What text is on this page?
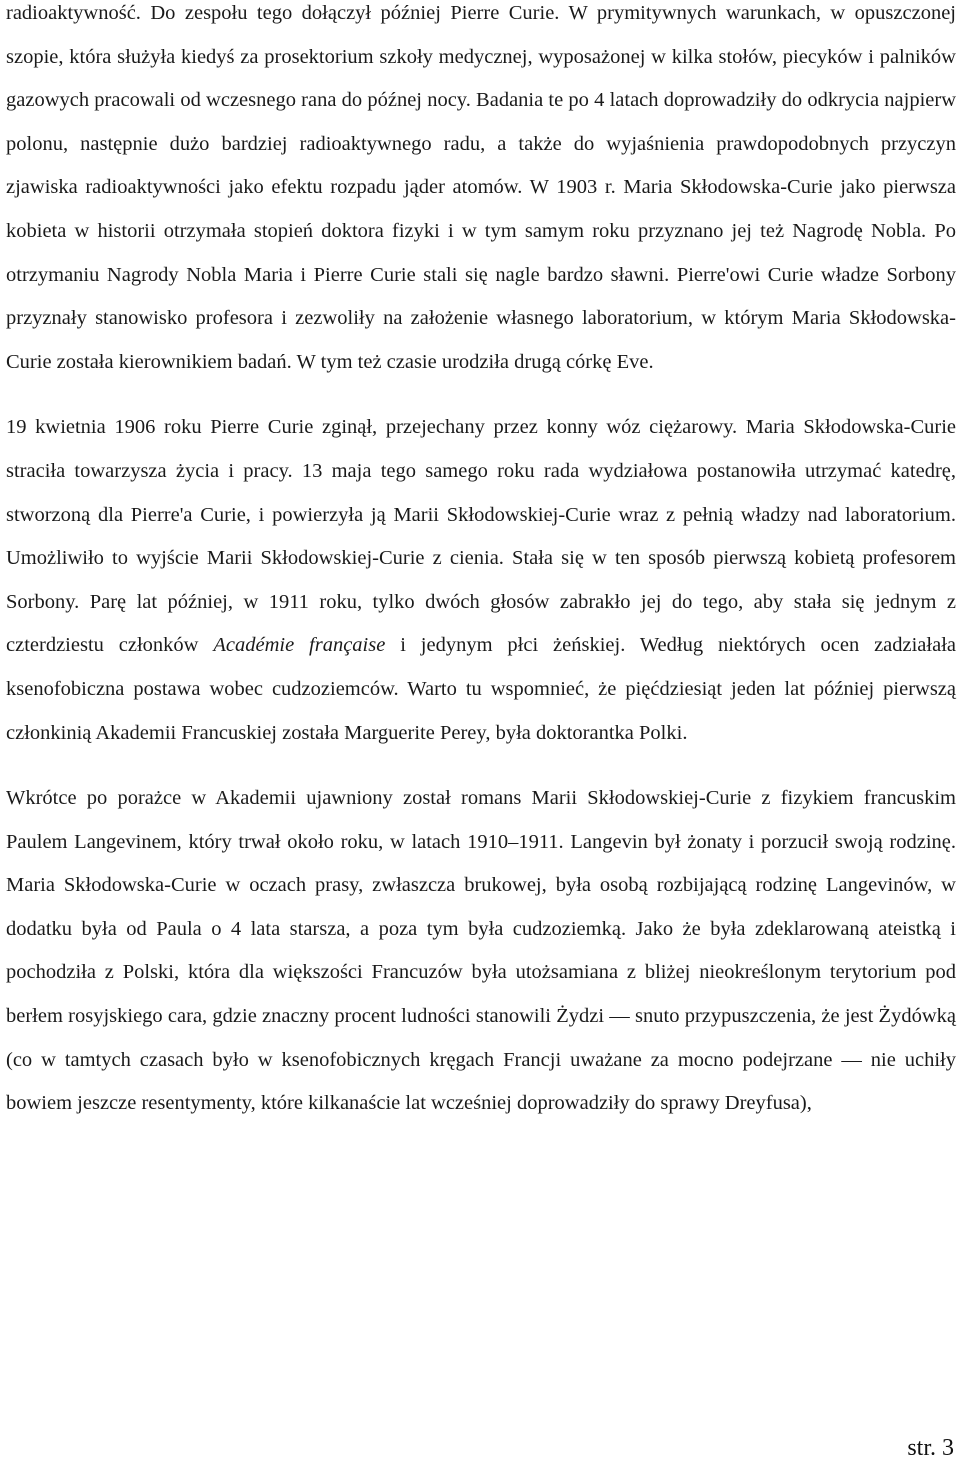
radioaktywność. Do zespołu tego dołączył później Pierre Curie. W prymitywnych warunkach, w opuszczonej szopie, która służyła kiedyś za prosektorium szkoły medycznej, wyposażonej w kilka stołów, piecyków i palników gazowych pracowali od wczesnego rana do późnej nocy. Badania te po 4 latach doprowadziły do odkrycia najpierw polonu, następnie dużo bardziej radioaktywnego radu, a także do wyjaśnienia prawdopodobnych przyczyn zjawiska radioaktywności jako efektu rozpadu jąder atomów. W 1903 r. Maria Skłodowska-Curie jako pierwsza kobieta w historii otrzymała stopień doktora fizyki i w tym samym roku przyznano jej też Nagrodę Nobla. Po otrzymaniu Nagrody Nobla Maria i Pierre Curie stali się nagle bardzo sławni. Pierre'owi Curie władze Sorbony przyznały stanowisko profesora i zezwoliły na założenie własnego laboratorium, w którym Maria Skłodowska-Curie została kierownikiem badań. W tym też czasie urodziła drugą córkę Eve.

19 kwietnia 1906 roku Pierre Curie zginął, przejechany przez konny wóz ciężarowy. Maria Skłodowska-Curie straciła towarzysza życia i pracy. 13 maja tego samego roku rada wydziałowa postanowiła utrzymać katedrę, stworzoną dla Pierre'a Curie, i powierzyła ją Marii Skłodowskiej-Curie wraz z pełnią władzy nad laboratorium. Umożliwiło to wyjście Marii Skłodowskiej-Curie z cienia. Stała się w ten sposób pierwszą kobietą profesorem Sorbony. Parę lat później, w 1911 roku, tylko dwóch głosów zabrakło jej do tego, aby stała się jednym z czterdziestu członków Académie française i jedynym płci żeńskiej. Według niektórych ocen zadziałała ksenofobiczna postawa wobec cudzoziemców. Warto tu wspomnieć, że pięćdziesiąt jeden lat później pierwszą członkinią Akademii Francuskiej została Marguerite Perey, była doktorantka Polki.

Wkrótce po porażce w Akademii ujawniony został romans Marii Skłodowskiej-Curie z fizykiem francuskim Paulem Langevinem, który trwał około roku, w latach 1910–1911. Langevin był żonaty i porzucił swoją rodzinę. Maria Skłodowska-Curie w oczach prasy, zwłaszcza brukowej, była osobą rozbijającą rodzinę Langevinów, w dodatku była od Paula o 4 lata starsza, a poza tym była cudzoziemką. Jako że była zdeklarowaną ateistką i pochodziła z Polski, która dla większości Francuzów była utożsamiana z bliżej nieokreślonym terytorium pod berłem rosyjskiego cara, gdzie znaczny procent ludności stanowili Żydzi — snuto przypuszczenia, że jest Żydówką (co w tamtych czasach było w ksenofobicznych kręgach Francji uważane za mocno podejrzane — nie uchiły bowiem jeszcze resentymenty, które kilkanaście lat wcześniej doprowadziły do sprawy Dreyfusa),

str. 3
